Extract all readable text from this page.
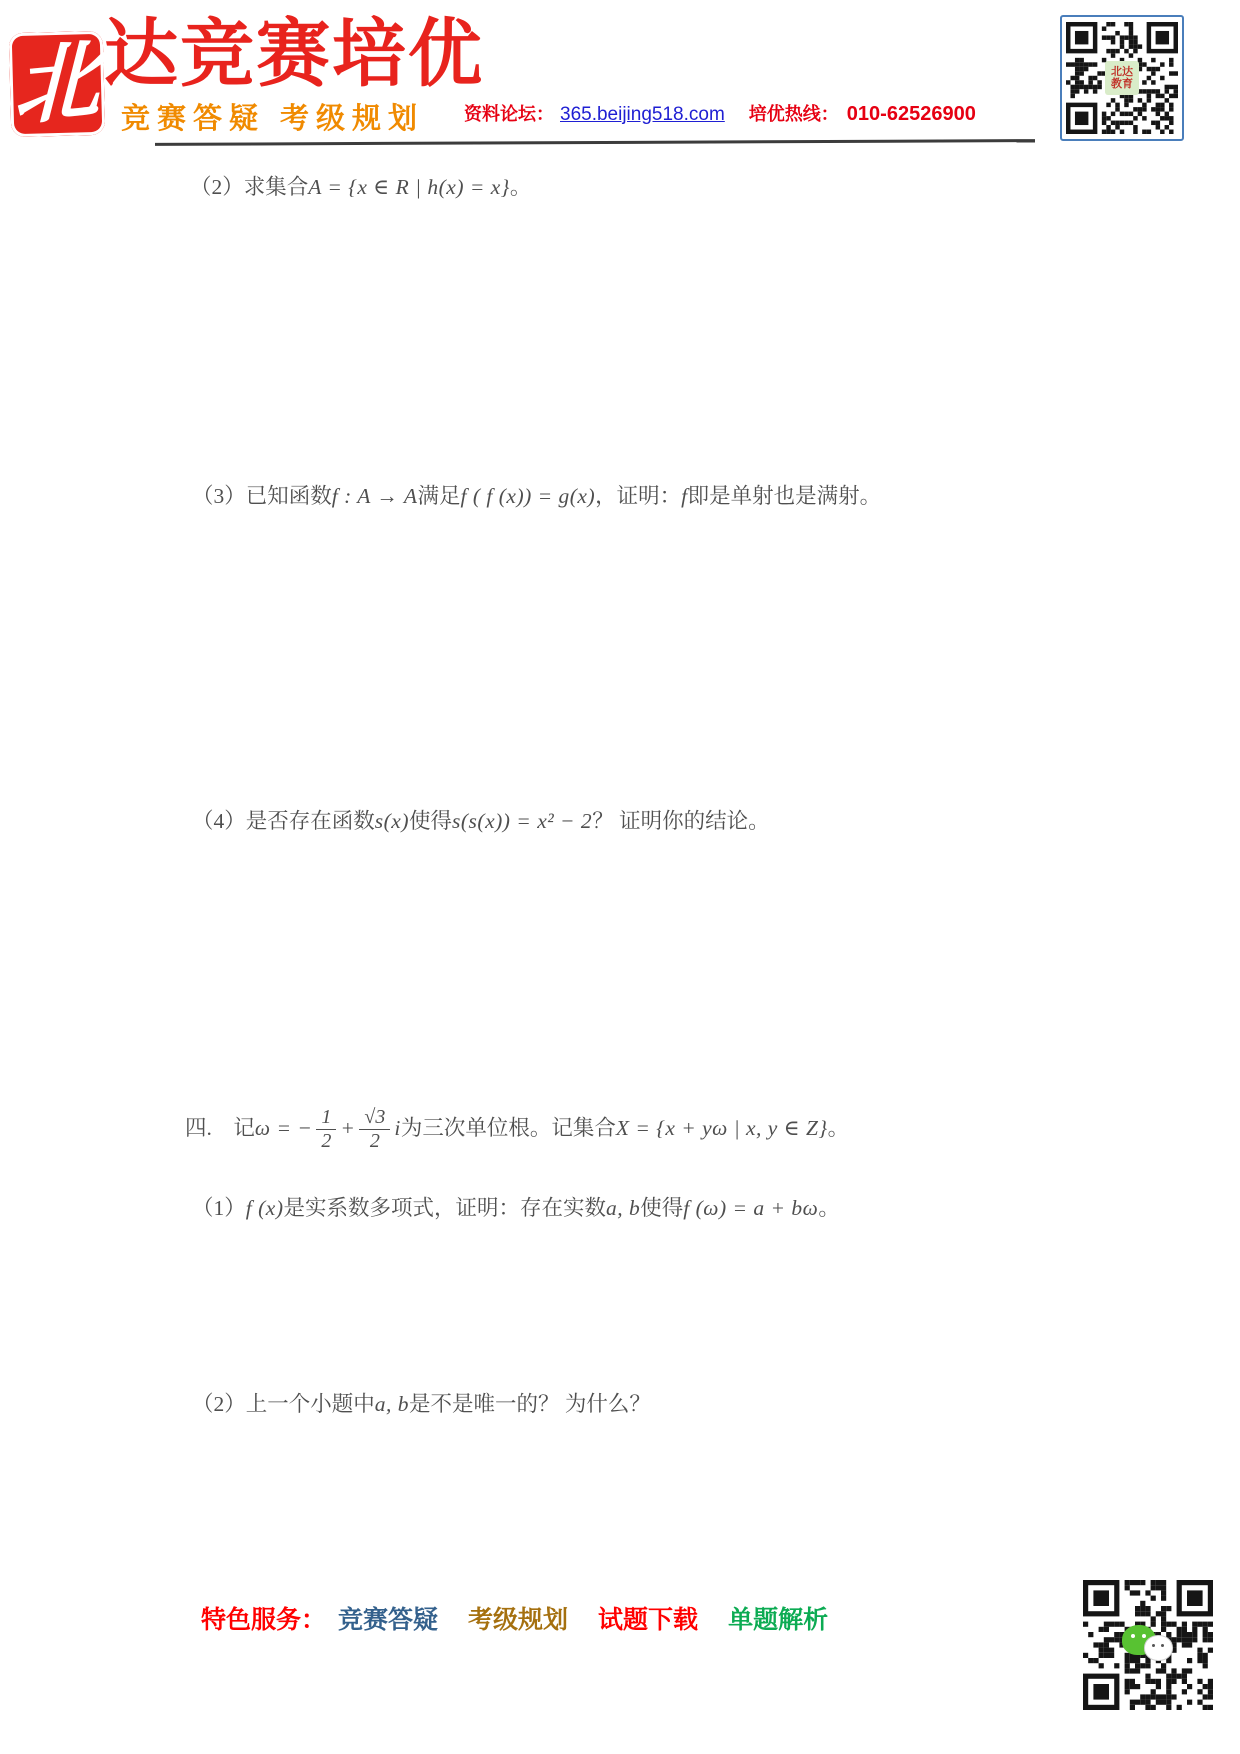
北 达竞赛培优
竞赛答疑 考级规划 资料论坛： 365.beijing518.com 培优热线： 010-62526900
北达
教育
（2）求集合 A = {x ∈ R | h(x) = x} 。
（3）已知函数 f : A → A 满足 f ( f (x)) = g(x) ，证明： f 即是单射也是满射。
（4）是否存在函数 s(x) 使得 s(s(x)) = x² − 2 ？ 证明你的结论。
四.　记 ω = − $\frac{1}{2} + \frac{√3}{2}$ i 为三次单位根。记集合 X = {x + yω | x, y ∈ Z} 。
（1） f (x) 是实系数多项式，证明：存在实数 a, b 使得 f (ω) = a + bω 。
（2）上一个小题中 a, b 是不是唯一的？ 为什么？
特色服务： 竞赛答疑 考级规划 试题下载 单题解析
